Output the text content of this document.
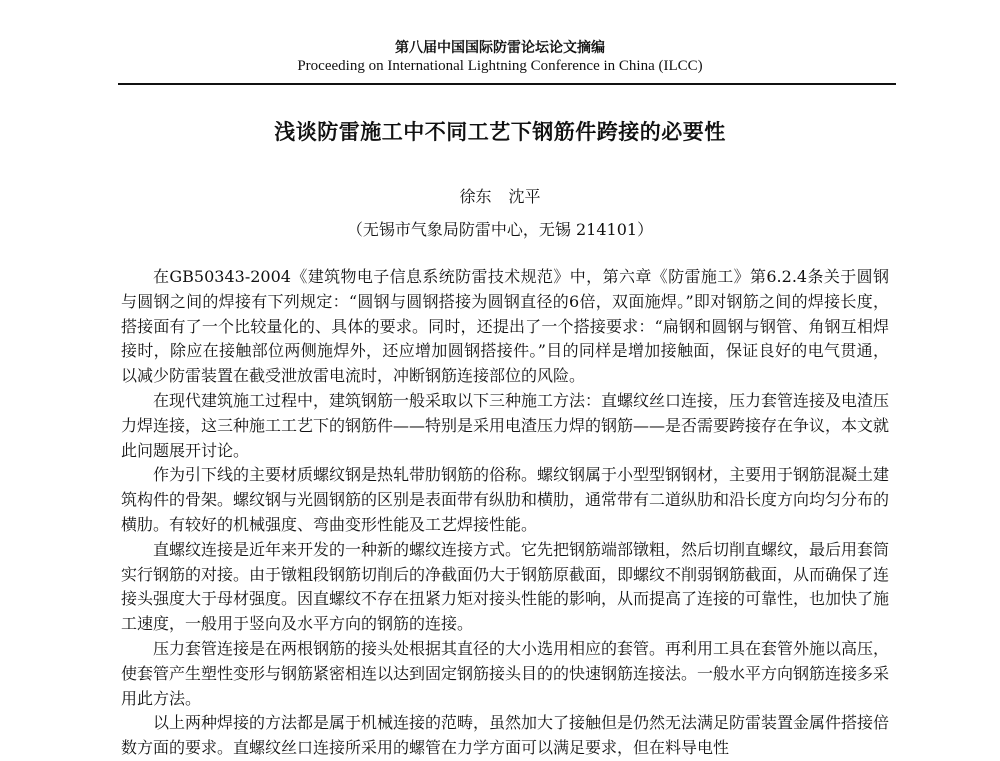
第八届中国国际防雷论坛论文摘编
Proceeding on International Lightning Conference in China (ILCC)
浅谈防雷施工中不同工艺下钢筋件跨接的必要性
徐东 沈平
（无锡市气象局防雷中心，无锡 214101）

在GB50343-2004《建筑物电子信息系统防雷技术规范》中，第六章《防雷施工》第6.2.4条关于圆钢与圆钢之间的焊接有下列规定：“圆钢与圆钢搭接为圆钢直径的6倍，双面施焊。”即对钢筋之间的焊接长度，搭接面有了一个比较量化的、具体的要求。同时，还提出了一个搭接要求：“扁钢和圆钢与钢管、角钢互相焊接时，除应在接触部位两侧施焊外，还应增加圆钢搭接件。”目的同样是增加接触面，保证良好的电气贯通，以减少防雷装置在截受泄放雷电流时，冲断钢筋连接部位的风险。

在现代建筑施工过程中，建筑钢筋一般采取以下三种施工方法：直螺纹丝口连接，压力套管连接及电渣压力焊连接，这三种施工工艺下的钢筋件——特别是采用电渣压力焊的钢筋——是否需要跨接存在争议，本文就此问题展开讨论。

作为引下线的主要材质螺纹钢是热轧带肋钢筋的俗称。螺纹钢属于小型型钢钢材，主要用于钢筋混凝土建筑构件的骨架。螺纹钢与光圆钢筋的区别是表面带有纵肋和横肋，通常带有二道纵肋和沿长度方向均匀分布的横肋。有较好的机械强度、弯曲变形性能及工艺焊接性能。

直螺纹连接是近年来开发的一种新的螺纹连接方式。它先把钢筋端部镦粗，然后切削直螺纹，最后用套筒实行钢筋的对接。由于镦粗段钢筋切削后的净截面仍大于钢筋原截面，即螺纹不削弱钢筋截面，从而确保了连接头强度大于母材强度。因直螺纹不存在扭紧力矩对接头性能的影响，从而提高了连接的可靠性，也加快了施工速度，一般用于竖向及水平方向的钢筋的连接。

压力套管连接是在两根钢筋的接头处根据其直径的大小选用相应的套管。再利用工具在套管外施以高压，使套管产生塑性变形与钢筋紧密相连以达到固定钢筋接头目的的快速钢筋连接法。一般水平方向钢筋连接多采用此方法。

以上两种焊接的方法都是属于机械连接的范畴，虽然加大了接触但是仍然无法满足防雷装置金属件搭接倍数方面的要求。直螺纹丝口连接所采用的螺管在力学方面可以满足要求，但在料导电性
